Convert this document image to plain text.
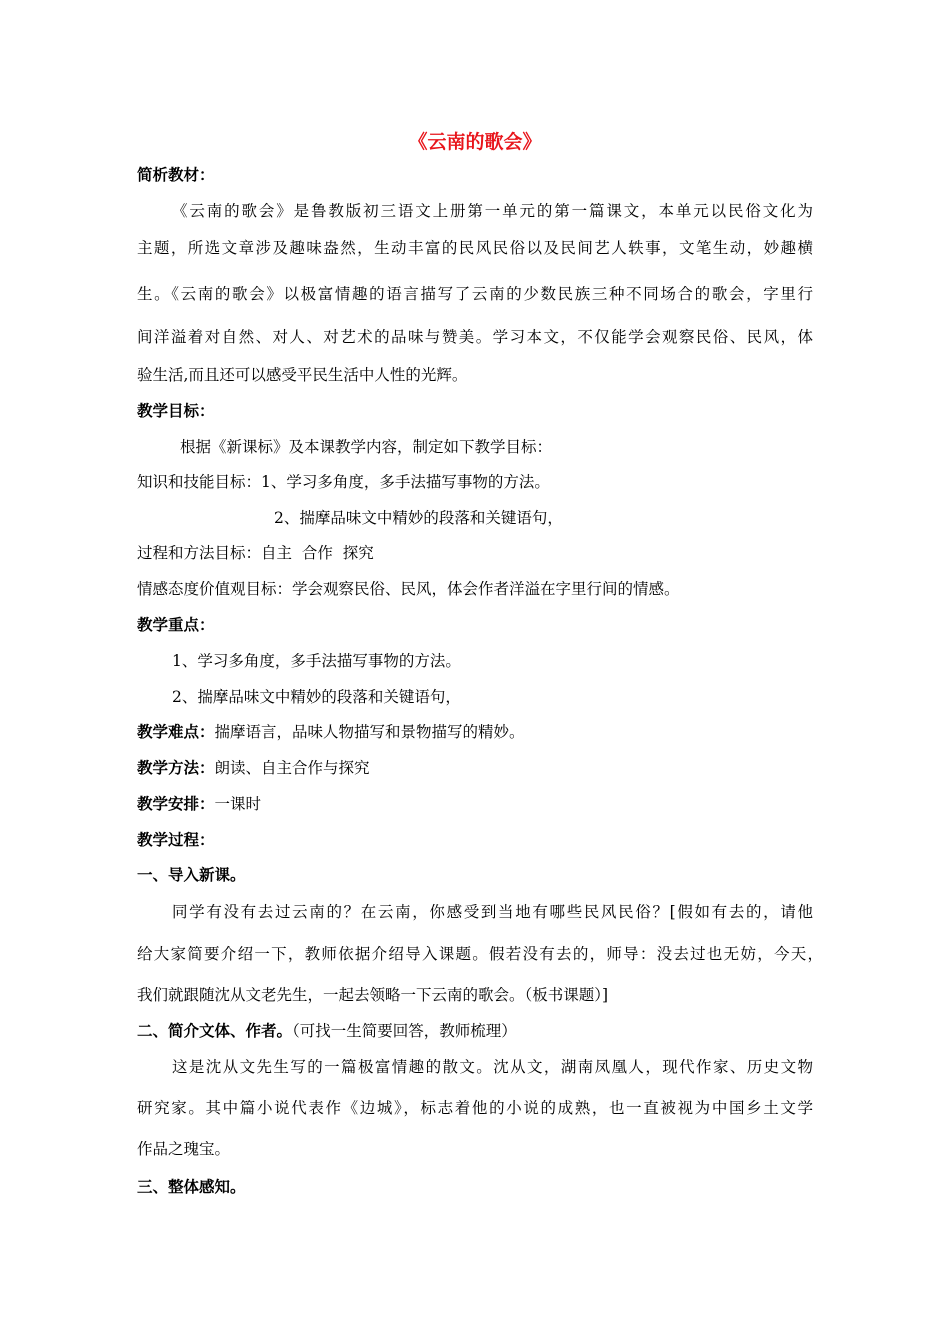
《云南的歌会》
简析教材：
《云南的歌会》是鲁教版初三语文上册第一单元的第一篇课文，本单元以民俗文化为
主题，所选文章涉及趣味盎然，生动丰富的民风民俗以及民间艺人轶事，文笔生动，妙趣横
生。《云南的歌会》以极富情趣的语言描写了云南的少数民族三种不同场合的歌会，字里行
间洋溢着对自然、对人、对艺术的品味与赞美。学习本文，不仅能学会观察民俗、民风，体
验生活,而且还可以感受平民生活中人性的光辉。
教学目标：
根据《新课标》及本课教学内容，制定如下教学目标：
知识和技能目标：1、学习多角度，多手法描写事物的方法。
2、揣摩品味文中精妙的段落和关键语句，
过程和方法目标：自主  合作  探究
情感态度价值观目标：学会观察民俗、民风，体会作者洋溢在字里行间的情感。
教学重点：
1、学习多角度，多手法描写事物的方法。
2、揣摩品味文中精妙的段落和关键语句，
教学难点：揣摩语言，品味人物描写和景物描写的精妙。
教学方法：朗读、自主合作与探究
教学安排：一课时
教学过程：
一、导入新课。
同学有没有去过云南的？在云南，你感受到当地有哪些民风民俗？[假如有去的，请他
给大家简要介绍一下，教师依据介绍导入课题。假若没有去的，师导：没去过也无妨，今天，
我们就跟随沈从文老先生，一起去领略一下云南的歌会。（板书课题）]
二、简介文体、作者。（可找一生简要回答，教师梳理）
这是沈从文先生写的一篇极富情趣的散文。沈从文，湖南凤凰人，现代作家、历史文物
研究家。其中篇小说代表作《边城》，标志着他的小说的成熟，也一直被视为中国乡土文学
作品之瑰宝。
三、整体感知。
